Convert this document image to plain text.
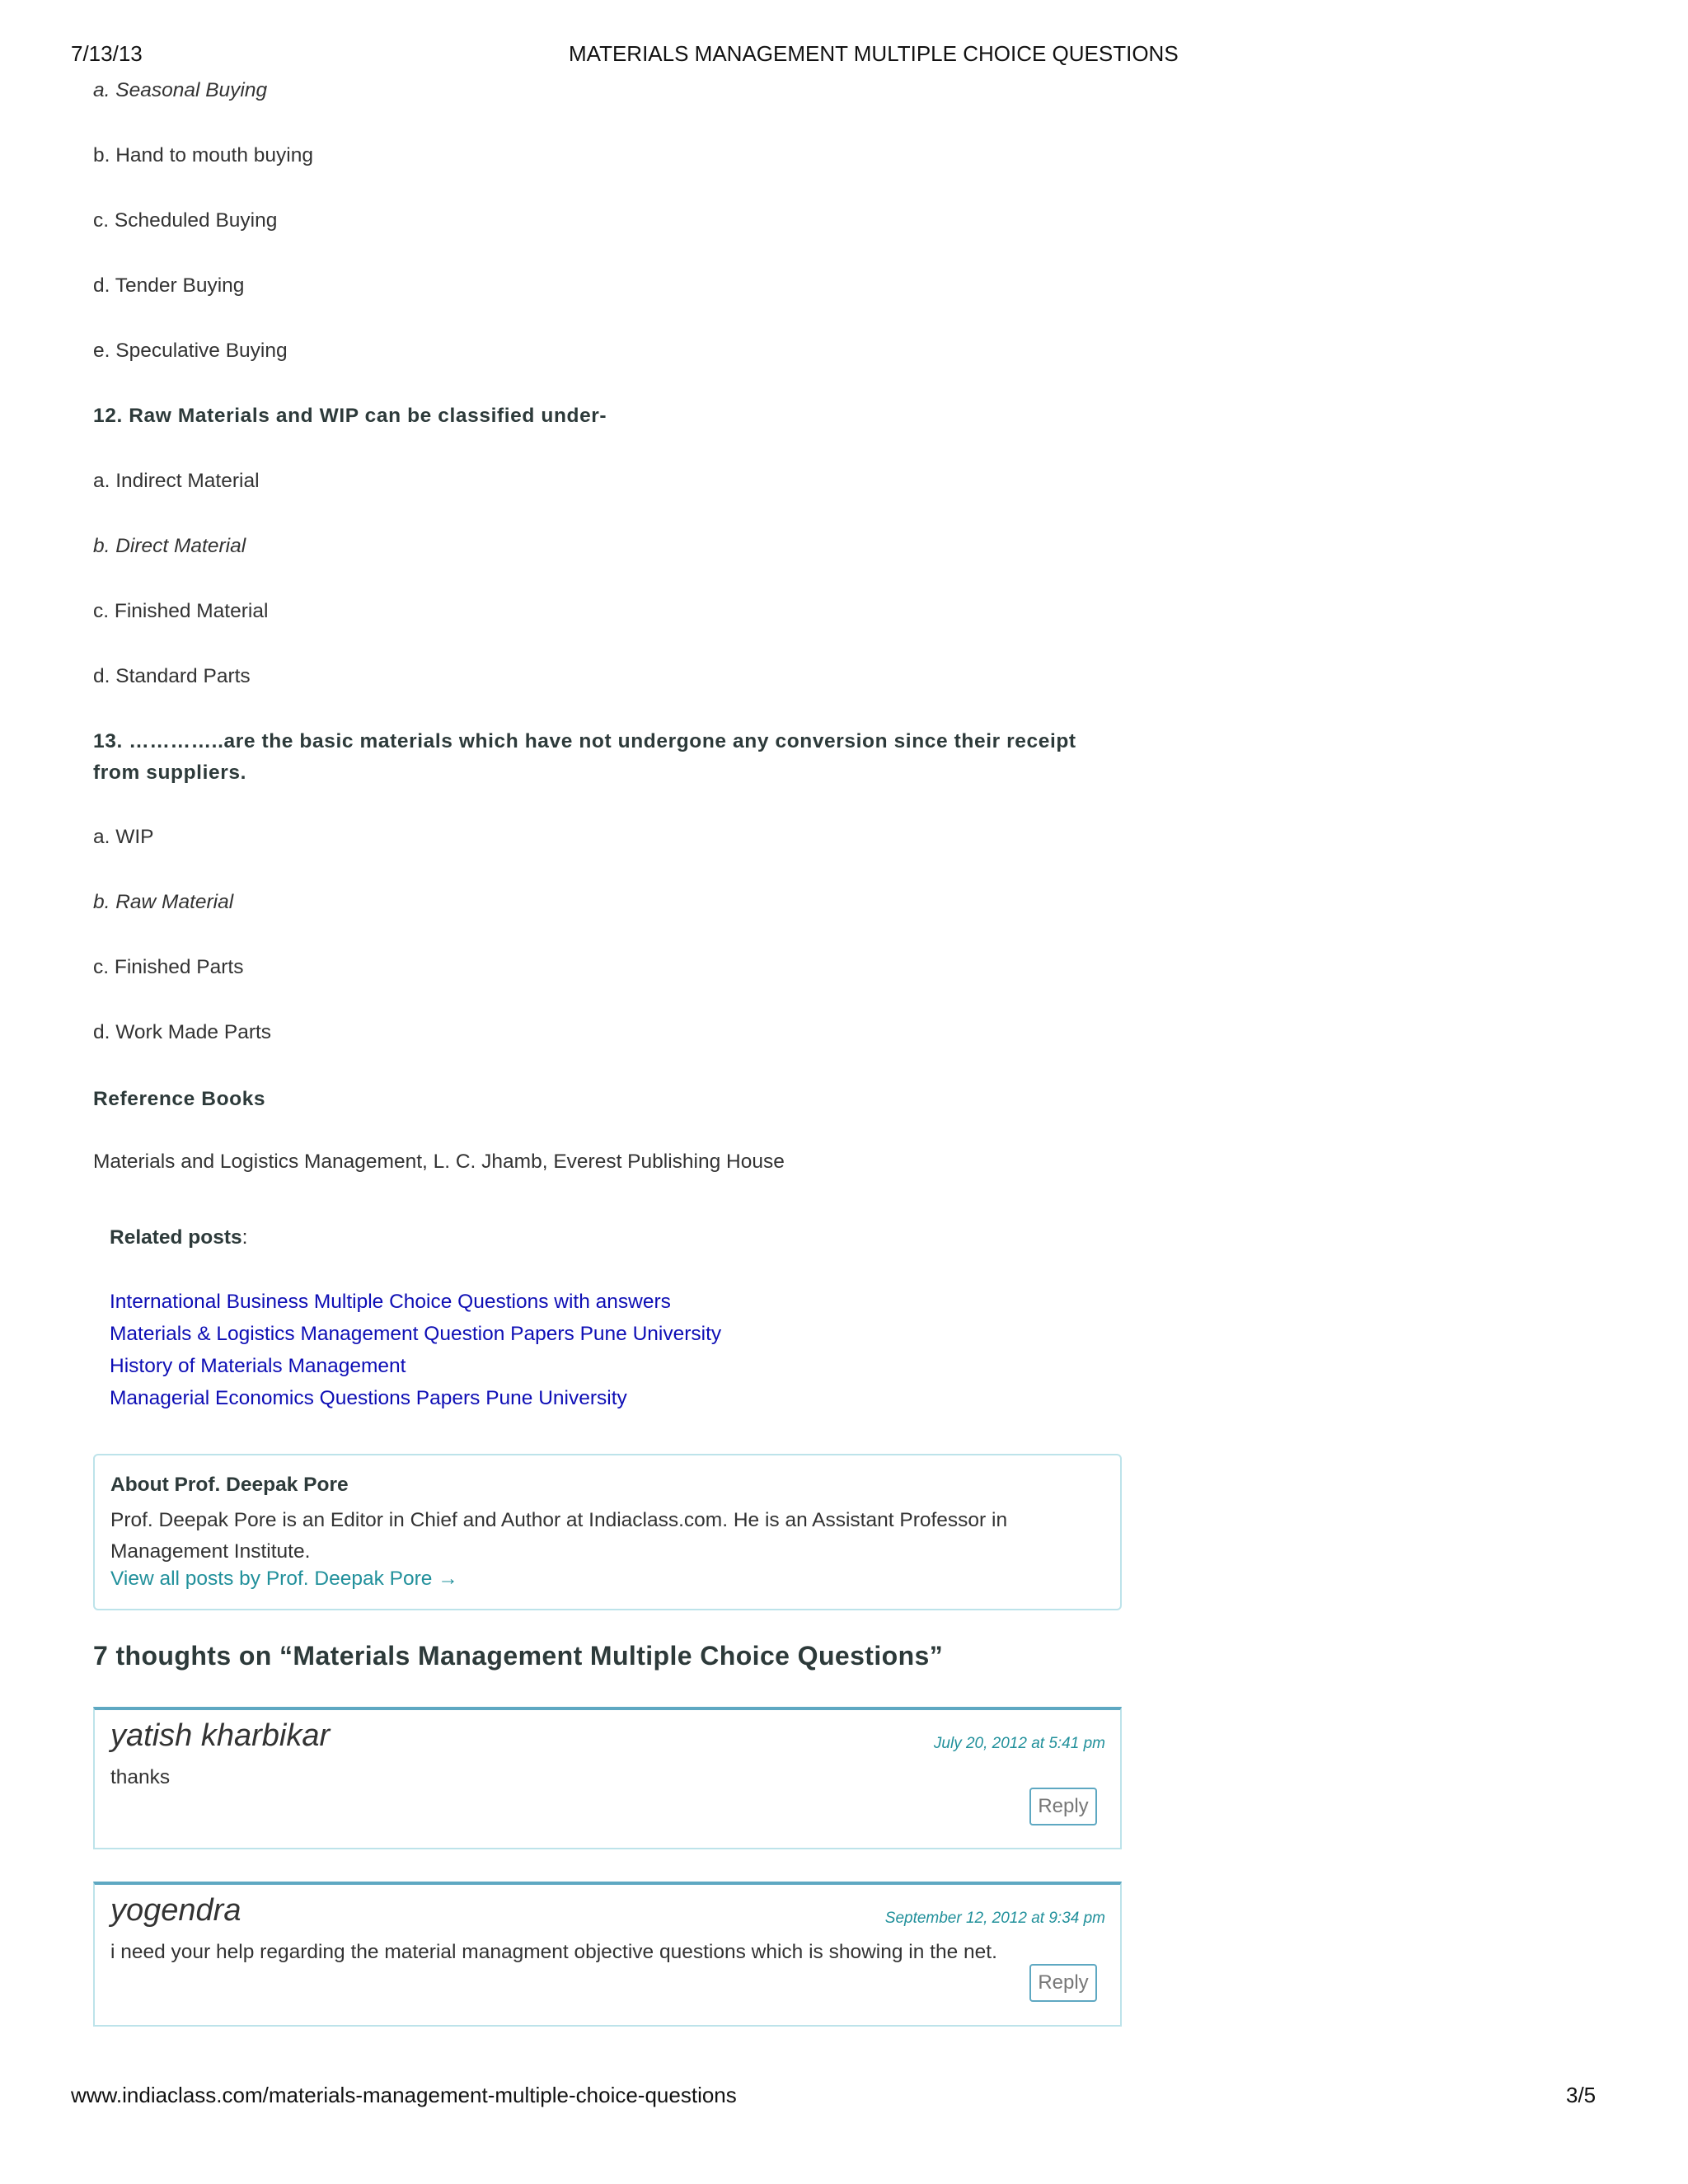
7/13/13	MATERIALS MANAGEMENT MULTIPLE CHOICE QUESTIONS
a. Seasonal Buying
b. Hand to mouth buying
c. Scheduled Buying
d. Tender Buying
e. Speculative Buying
12. Raw Materials and WIP can be classified under-
a. Indirect Material
b. Direct Material
c. Finished Material
d. Standard Parts
13. …………..are the basic materials which have not undergone any conversion since their receipt from suppliers.
a. WIP
b. Raw Material
c. Finished Parts
d. Work Made Parts
Reference Books
Materials and Logistics Management, L. C. Jhamb, Everest Publishing House
Related posts:
International Business Multiple Choice Questions with answers
Materials & Logistics Management Question Papers Pune University
History of Materials Management
Managerial Economics Questions Papers Pune University
About Prof. Deepak Pore
Prof. Deepak Pore is an Editor in Chief and Author at Indiaclass.com. He is an Assistant Professor in Management Institute.
View all posts by Prof. Deepak Pore →
7 thoughts on “Materials Management Multiple Choice Questions”
yatish kharbikar	July 20, 2012 at 5:41 pm
thanks
Reply
yogendra	September 12, 2012 at 9:34 pm
i need your help regarding the material managment objective questions which is showing in the net.
Reply
www.indiaclass.com/materials-management-multiple-choice-questions	3/5
